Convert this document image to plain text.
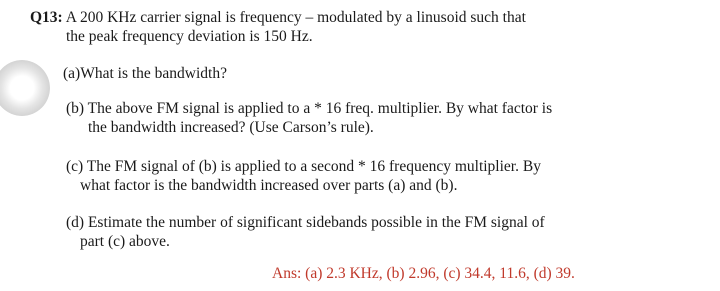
Q13: A 200 KHz carrier signal is frequency – modulated by a linusoid such that
the peak frequency deviation is 150 Hz.
(a)What is the bandwidth?
(b) The above FM signal is applied to a * 16 freq. multiplier. By what factor is
the bandwidth increased? (Use Carson’s rule).
(c) The FM signal of (b) is applied to a second * 16 frequency multiplier. By
what factor is the bandwidth increased over parts (a) and (b).
(d) Estimate the number of significant sidebands possible in the FM signal of
part (c) above.
Ans: (a) 2.3 KHz, (b) 2.96, (c) 34.4, 11.6, (d) 39.
